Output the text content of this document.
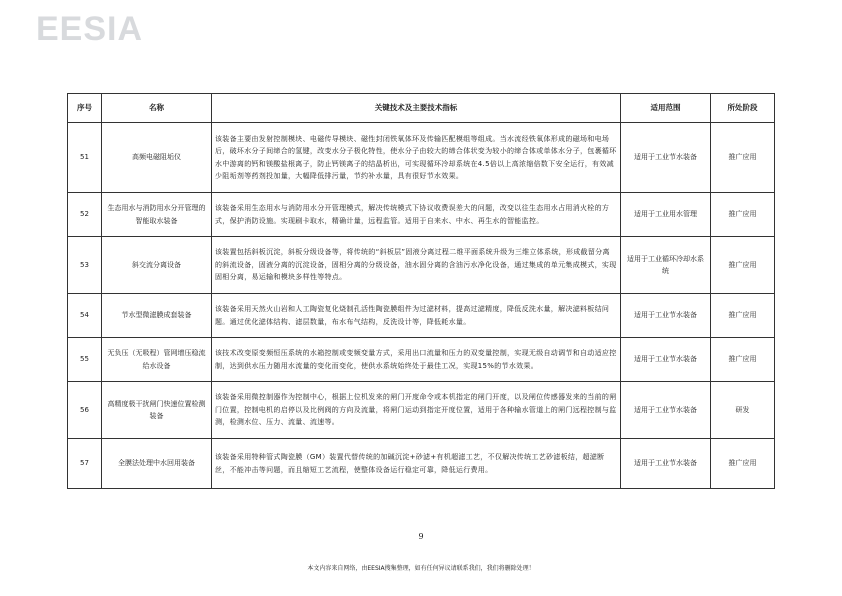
EESIA
序号	名称	关键技术及主要技术指标	适用范围	所处阶段
51	高频电磁阻垢仪	该装备主要由发射控制模块、电磁传导模块、磁性封闭铁氧体环及传输匹配模组等组成。当水流经铁氧体形成的磁场和电场后，破坏水分子间缔合的氢键，改变水分子极化特性，使水分子由较大的缔合体状变为较小的缔合体或单体水分子，包裹循环水中游离的钙和镁酸盐根离子，防止钙镁离子的结晶析出，可实现循环冷却系统在4.5倍以上高浓缩倍数下安全运行，有效减少阻垢剂等药剂投加量，大幅降低排污量，节约补水量，具有很好节水效果。	适用于工业节水装备	推广应用
52	生态用水与消防用水分开管理的智能取水装备	该装备采用生态用水与消防用水分开管理模式，解决传统模式下协议收费误差大的问题，改变以往生态用水占用消火栓的方式，保护消防设施。实现刷卡取水，精确计量，远程监管。适用于自来水、中水、再生水的智能监控。	适用于工业用水管理	推广应用
53	斜交流分离设备	该装置包括斜板沉淀，斜板分级设备等，将传统的“斜板层”固液分离过程二维平面系统升级为三维立体系统，形成截留分离的斜流设备，固液分离的沉淀设备，固相分离的分级设备，油水固分离的含油污水净化设备，通过集成的单元集成模式，实现固相分离，易运输和模块多样性等特点。	适用于工业循环冷却水系统	推广应用
54	节水型微滤膜成套装备	该装备采用天然火山岩和人工陶瓷复化烧制孔活性陶瓷膜组件为过滤材料，提高过滤精度，降低反洗水量，解决滤料板结问题。通过优化滤体结构、滤层数量，布水布气结构，反洗设计等，降低耗水量。	适用于工业节水装备	推广应用
55	无负压（无吸程）管网增压稳流给水设备	该技术改变原变频恒压系统的水箱控制或变频变量方式，采用出口流量和压力的双变量控制，实现无级自动调节和自动适应控制，达到供水压力随用水流量的变化而变化，使供水系统始终处于最佳工况，实现15%的节水效果。	适用于工业节水装备	推广应用
56	高精度极干扰闸门快速位置检测装备	该装备采用微控制器作为控制中心，根据上位机发来的闸门开度命令或本机指定的闸门开度，以及闸位传感器发来的当前的闸门位置，控制电机的启停以及比例阀的方向及流量，将闸门运动到指定开度位置，适用于各种输水管道上的闸门远程控制与监测，检测水位、压力、流量、流速等。	适用于工业节水装备	研发
57	全膜法处理中水回用装备	该装备采用特种管式陶瓷膜（GM）装置代替传统的加碱沉淀+砂滤+有机超滤工艺，不仅解决传统工艺砂滤板结，超滤断丝，不能冲击等问题，而且缩短工艺流程，使整体设备运行稳定可靠，降低运行费用。	适用于工业节水装备	推广应用
9
本文内容来自网络，由EESIA搜集整理，如有任何异议请联系我们，我们将删除处理！
